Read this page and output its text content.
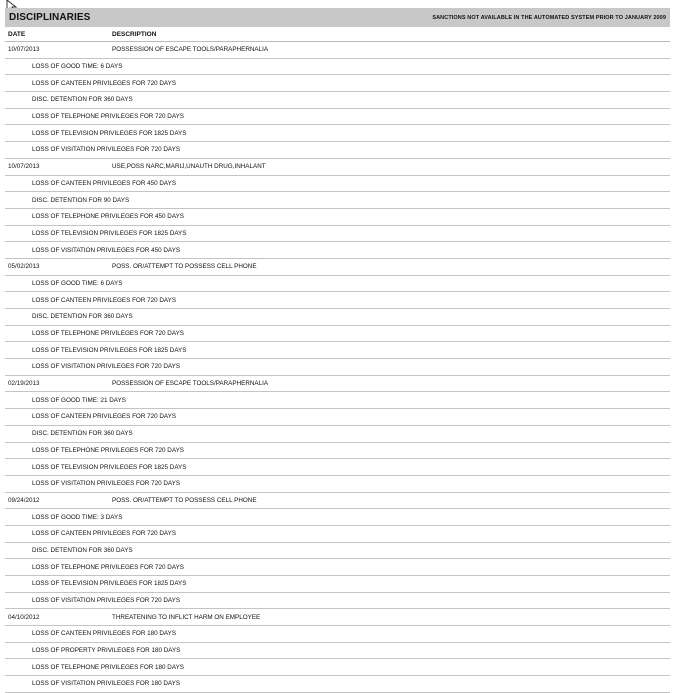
DISCIPLINARIES	SANCTIONS NOT AVAILABLE IN THE AUTOMATED SYSTEM PRIOR TO JANUARY 2009
DATE	DESCRIPTION
10/07/2013	POSSESSION OF ESCAPE TOOLS/PARAPHERNALIA
LOSS OF GOOD TIME: 6 DAYS
LOSS OF CANTEEN PRIVILEGES FOR 720 DAYS
DISC. DETENTION FOR 360 DAYS
LOSS OF TELEPHONE PRIVILEGES FOR 720 DAYS
LOSS OF TELEVISION PRIVILEGES FOR 1825 DAYS
LOSS OF VISITATION PRIVILEGES FOR 720 DAYS
10/07/2013	USE,POSS NARC,MARIJ,UNAUTH DRUG,INHALANT
LOSS OF CANTEEN PRIVILEGES FOR 450 DAYS
DISC. DETENTION FOR 90 DAYS
LOSS OF TELEPHONE PRIVILEGES FOR 450 DAYS
LOSS OF TELEVISION PRIVILEGES FOR 1825 DAYS
LOSS OF VISITATION PRIVILEGES FOR 450 DAYS
05/02/2013	POSS. OR/ATTEMPT TO POSSESS CELL PHONE
LOSS OF GOOD TIME: 6 DAYS
LOSS OF CANTEEN PRIVILEGES FOR 720 DAYS
DISC. DETENTION FOR 360 DAYS
LOSS OF TELEPHONE PRIVILEGES FOR 720 DAYS
LOSS OF TELEVISION PRIVILEGES FOR 1825 DAYS
LOSS OF VISITATION PRIVILEGES FOR 720 DAYS
02/19/2013	POSSESSION OF ESCAPE TOOLS/PARAPHERNALIA
LOSS OF GOOD TIME: 21 DAYS
LOSS OF CANTEEN PRIVILEGES FOR 720 DAYS
DISC. DETENTION FOR 360 DAYS
LOSS OF TELEPHONE PRIVILEGES FOR 720 DAYS
LOSS OF TELEVISION PRIVILEGES FOR 1825 DAYS
LOSS OF VISITATION PRIVILEGES FOR 720 DAYS
09/24/2012	POSS. OR/ATTEMPT TO POSSESS CELL PHONE
LOSS OF GOOD TIME: 3 DAYS
LOSS OF CANTEEN PRIVILEGES FOR 720 DAYS
DISC. DETENTION FOR 360 DAYS
LOSS OF TELEPHONE PRIVILEGES FOR 720 DAYS
LOSS OF TELEVISION PRIVILEGES FOR 1825 DAYS
LOSS OF VISITATION PRIVILEGES FOR 720 DAYS
04/10/2012	THREATENING TO INFLICT HARM ON EMPLOYEE
LOSS OF CANTEEN PRIVILEGES FOR 180 DAYS
LOSS OF PROPERTY PRIVILEGES FOR 180 DAYS
LOSS OF TELEPHONE PRIVILEGES FOR 180 DAYS
LOSS OF VISITATION PRIVILEGES FOR 180 DAYS
